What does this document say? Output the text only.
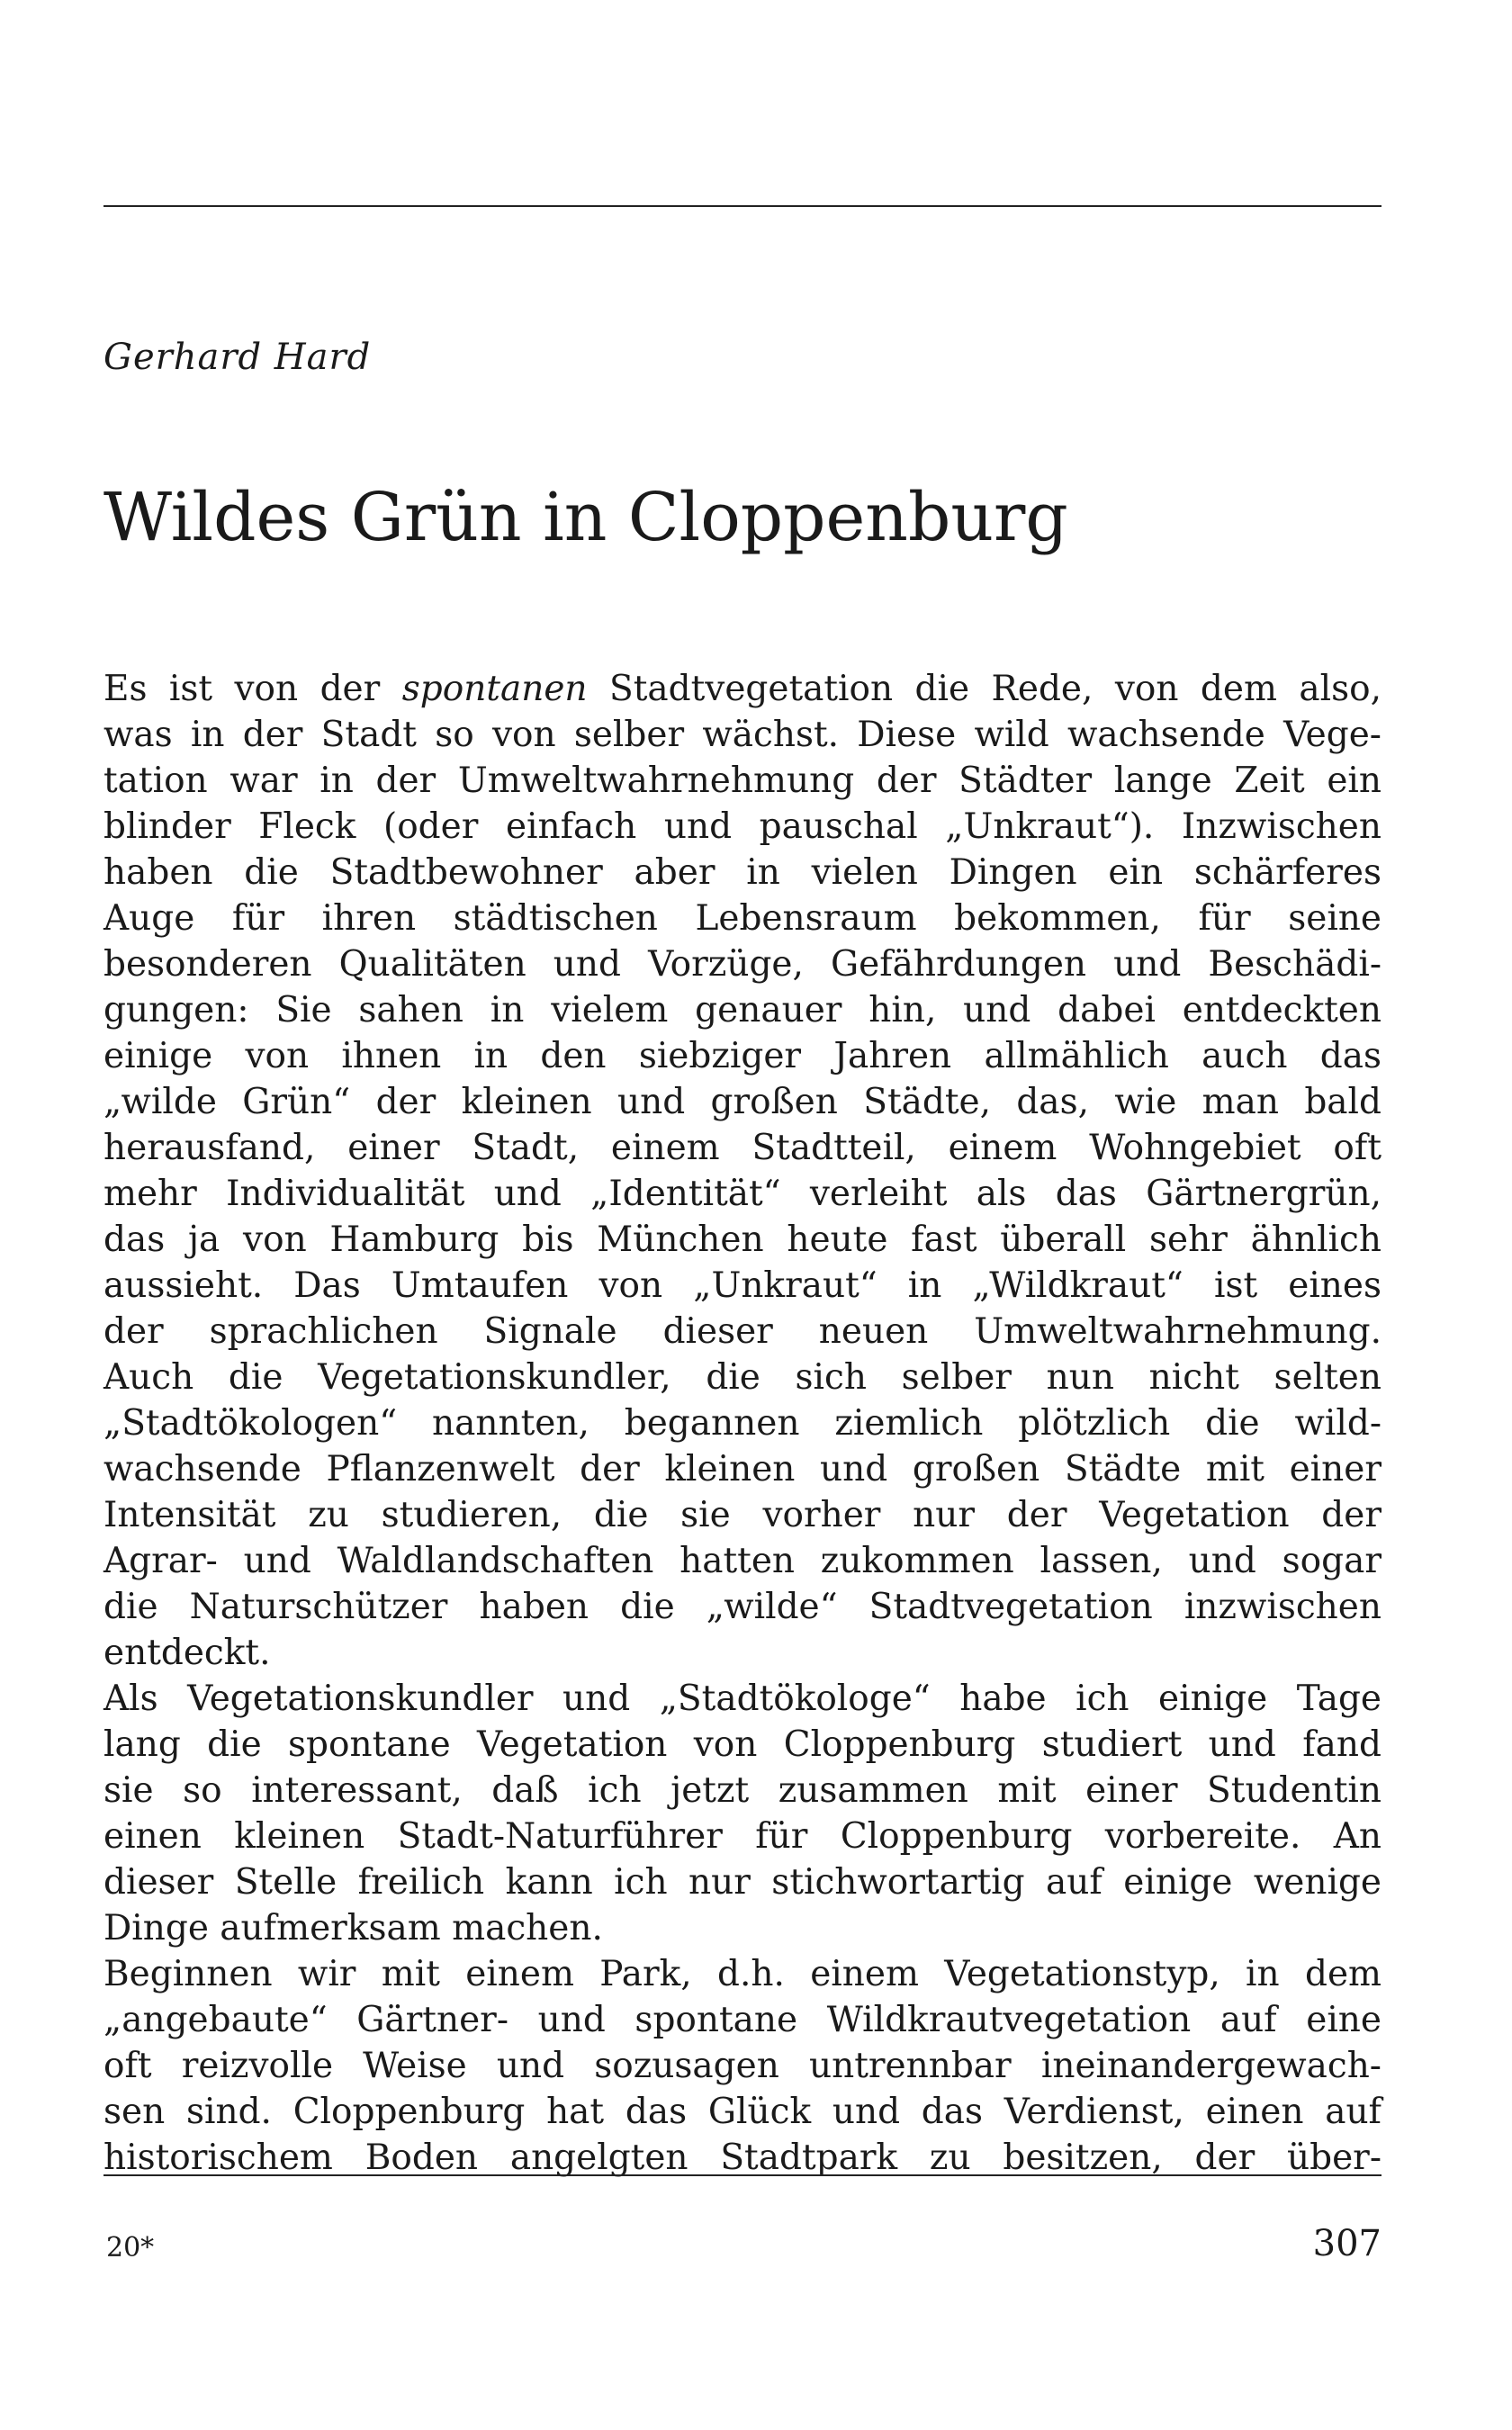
Gerhard Hard
Wildes Grün in Cloppenburg
Es ist von der spontanen Stadtvegetation die Rede, von dem also,
was in der Stadt so von selber wächst. Diese wild wachsende Vege-
tation war in der Umweltwahrnehmung der Städter lange Zeit ein
blinder Fleck (oder einfach und pauschal „Unkraut“). Inzwischen
haben die Stadtbewohner aber in vielen Dingen ein schärferes
Auge für ihren städtischen Lebensraum bekommen, für seine
besonderen Qualitäten und Vorzüge, Gefährdungen und Beschädi-
gungen: Sie sahen in vielem genauer hin, und dabei entdeckten
einige von ihnen in den siebziger Jahren allmählich auch das
„wilde Grün“ der kleinen und großen Städte, das, wie man bald
herausfand, einer Stadt, einem Stadtteil, einem Wohngebiet oft
mehr Individualität und „Identität“ verleiht als das Gärtnergrün,
das ja von Hamburg bis München heute fast überall sehr ähnlich
aussieht. Das Umtaufen von „Unkraut“ in „Wildkraut“ ist eines
der sprachlichen Signale dieser neuen Umweltwahrnehmung.
Auch die Vegetationskundler, die sich selber nun nicht selten
„Stadtökologen“ nannten, begannen ziemlich plötzlich die wild-
wachsende Pflanzenwelt der kleinen und großen Städte mit einer
Intensität zu studieren, die sie vorher nur der Vegetation der
Agrar- und Waldlandschaften hatten zukommen lassen, und sogar
die Naturschützer haben die „wilde“ Stadtvegetation inzwischen
entdeckt.
Als Vegetationskundler und „Stadtökologe“ habe ich einige Tage
lang die spontane Vegetation von Cloppenburg studiert und fand
sie so interessant, daß ich jetzt zusammen mit einer Studentin
einen kleinen Stadt-Naturführer für Cloppenburg vorbereite. An
dieser Stelle freilich kann ich nur stichwortartig auf einige wenige
Dinge aufmerksam machen.
Beginnen wir mit einem Park, d.h. einem Vegetationstyp, in dem
„angebaute“ Gärtner- und spontane Wildkrautvegetation auf eine
oft reizvolle Weise und sozusagen untrennbar ineinandergewach-
sen sind. Cloppenburg hat das Glück und das Verdienst, einen auf
historischem Boden angelgten Stadtpark zu besitzen, der über-
20*	307
